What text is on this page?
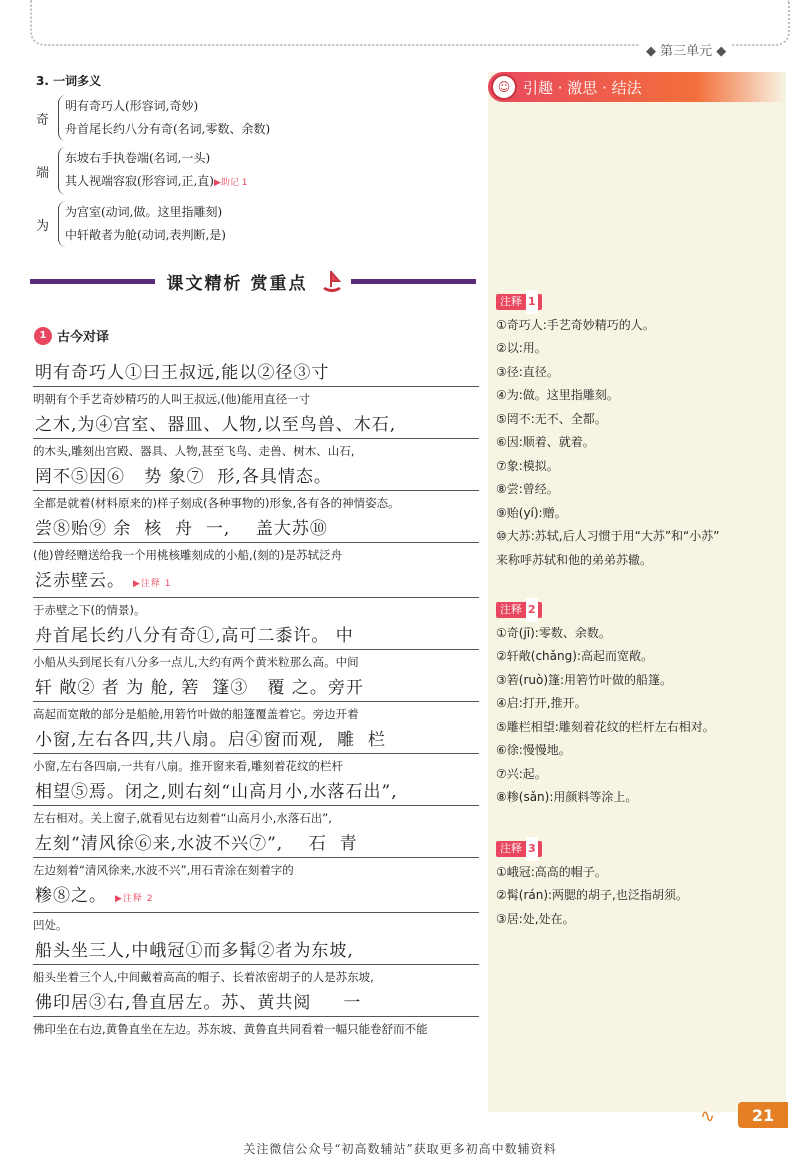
◆ 第三单元 ◆
3. 一词多义
奇
明有奇巧人(形容词,奇妙)
舟首尾长约八分有奇(名词,零数、余数)
端
东坡右手执卷端(名词,一头)
其人视端容寂(形容词,正,直)▶助记 1
为
为宫室(动词,做。这里指雕刻)
中轩敞者为舱(动词,表判断,是)
课文精析 赏重点
1 古今对译
明有奇巧人①曰王叔远,能以②径③寸
明朝有个手艺奇妙精巧的人叫王叔远,(他)能用直径一寸
之木,为④宫室、器皿、人物,以至鸟兽、木石,
的木头,雕刻出宫殿、器具、人物,甚至飞鸟、走兽、树木、山石,
罔不⑤因⑥   势 象⑦  形,各具情态。
全都是就着(材料原来的)样子刻成(各种事物的)形象,各有各的神情姿态。
尝⑧贻⑨ 余  核  舟  一,    盖大苏⑩
(他)曾经赠送给我一个用桃核雕刻成的小船,(刻的)是苏轼泛舟
泛赤壁云。 ▶注释 1
于赤壁之下(的情景)。
舟首尾长约八分有奇①,高可二黍许。 中
小船从头到尾长有八分多一点儿,大约有两个黄米粒那么高。中间
轩 敞② 者 为 舱, 箬  篷③   覆 之。旁开
高起而宽敞的部分是船舱,用箬竹叶做的船篷覆盖着它。旁边开着
小窗,左右各四,共八扇。启④窗而观,  雕  栏
小窗,左右各四扇,一共有八扇。推开窗来看,雕刻着花纹的栏杆
相望⑤焉。闭之,则右刻“山高月小,水落石出”,
左右相对。关上窗子,就看见右边刻着“山高月小,水落石出”,
左刻“清风徐⑥来,水波不兴⑦”,    石  青
左边刻着“清风徐来,水波不兴”,用石青涂在刻着字的
糁⑧之。 ▶注释 2
凹处。
船头坐三人,中峨冠①而多髯②者为东坡,
船头坐着三个人,中间戴着高高的帽子、长着浓密胡子的人是苏东坡,
佛印居③右,鲁直居左。苏、黄共阅     一
佛印坐在右边,黄鲁直坐在左边。苏东坡、黄鲁直共同看着一幅只能卷舒而不能
☺ 引趣 · 激思 · 结法
注释 1
①奇巧人:手艺奇妙精巧的人。
②以:用。
③径:直径。
④为:做。这里指雕刻。
⑤罔不:无不、全都。
⑥因:顺着、就着。
⑦象:模拟。
⑧尝:曾经。
⑨贻(yí):赠。
⑩大苏:苏轼,后人习惯于用“大苏”和“小苏”
来称呼苏轼和他的弟弟苏辙。
注释 2
①奇(jī):零数、余数。
②轩敞(chǎng):高起而宽敞。
③箬(ruò)篷:用箬竹叶做的船篷。
④启:打开,推开。
⑤雕栏相望:雕刻着花纹的栏杆左右相对。
⑥徐:慢慢地。
⑦兴:起。
⑧糁(sǎn):用颜料等涂上。
注释 3
①峨冠:高高的帽子。
②髯(rán):两腮的胡子,也泛指胡须。
③居:处,处在。
∿	21
关注微信公众号“初高数辅站”获取更多初高中数辅资料
